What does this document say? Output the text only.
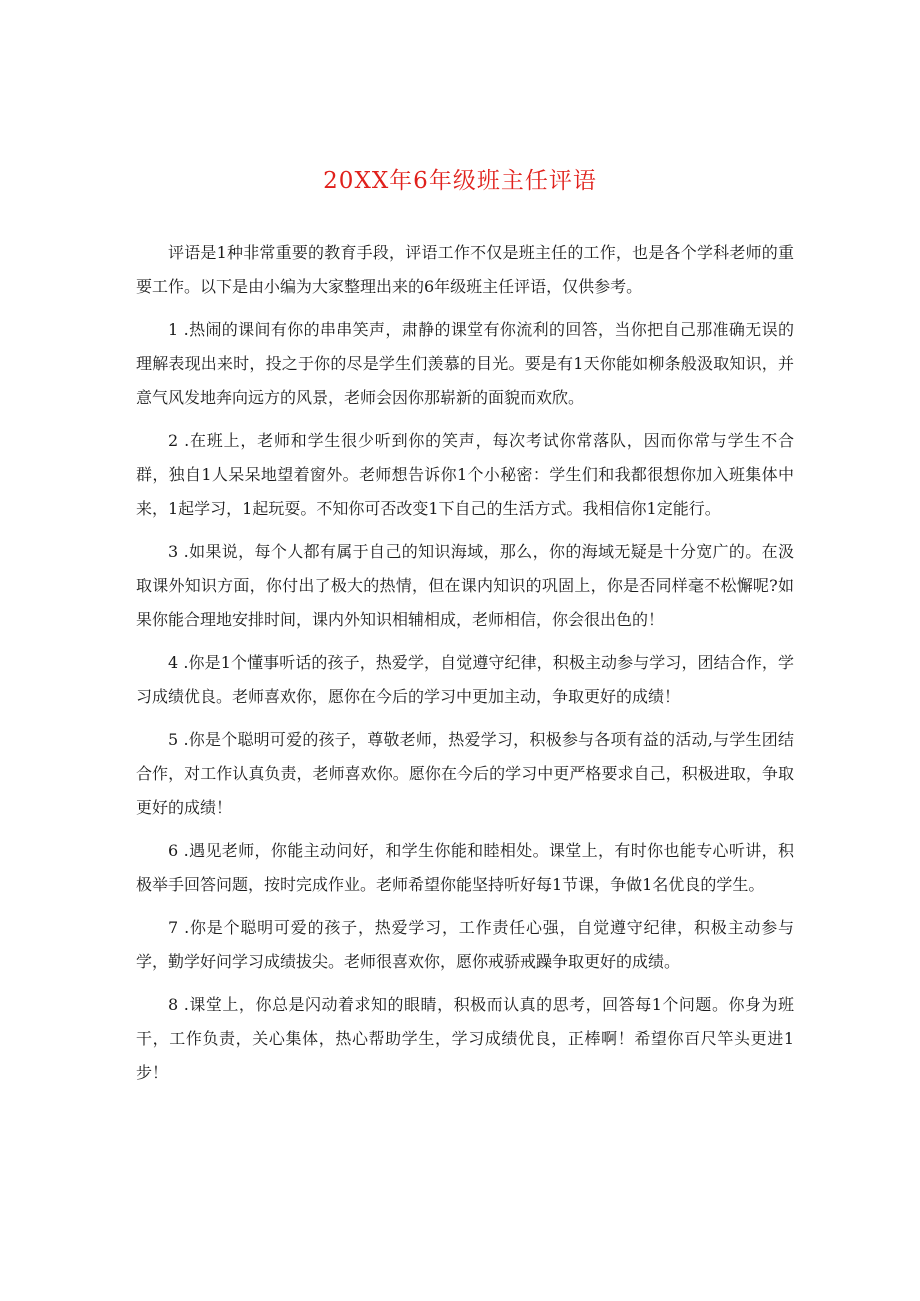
20XX年6年级班主任评语

评语是1种非常重要的教育手段，评语工作不仅是班主任的工作，也是各个学科老师的重要工作。以下是由小编为大家整理出来的6年级班主任评语，仅供参考。

1 .热闹的课间有你的串串笑声，肃静的课堂有你流利的回答，当你把自己那准确无误的理解表现出来时，投之于你的尽是学生们羡慕的目光。要是有1天你能如柳条般汲取知识，并意气风发地奔向远方的风景，老师会因你那崭新的面貌而欢欣。

2 .在班上，老师和学生很少听到你的笑声，每次考试你常落队，因而你常与学生不合群，独自1人呆呆地望着窗外。老师想告诉你1个小秘密：学生们和我都很想你加入班集体中来，1起学习，1起玩耍。不知你可否改变1下自己的生活方式。我相信你1定能行。

3 .如果说，每个人都有属于自己的知识海域，那么，你的海域无疑是十分宽广的。在汲取课外知识方面，你付出了极大的热情，但在课内知识的巩固上，你是否同样毫不松懈呢?如果你能合理地安排时间，课内外知识相辅相成，老师相信，你会很出色的！

4 .你是1个懂事听话的孩子，热爱学，自觉遵守纪律，积极主动参与学习，团结合作，学习成绩优良。老师喜欢你，愿你在今后的学习中更加主动，争取更好的成绩！

5 .你是个聪明可爱的孩子，尊敬老师，热爱学习，积极参与各项有益的活动,与学生团结合作，对工作认真负责，老师喜欢你。愿你在今后的学习中更严格要求自己，积极进取，争取更好的成绩！

6 .遇见老师，你能主动问好，和学生你能和睦相处。课堂上，有时你也能专心听讲，积极举手回答问题，按时完成作业。老师希望你能坚持听好每1节课，争做1名优良的学生。

7 .你是个聪明可爱的孩子，热爱学习，工作责任心强，自觉遵守纪律，积极主动参与学，勤学好问学习成绩拔尖。老师很喜欢你，愿你戒骄戒躁争取更好的成绩。

8 .课堂上，你总是闪动着求知的眼睛，积极而认真的思考，回答每1个问题。你身为班干，工作负责，关心集体，热心帮助学生，学习成绩优良，正棒啊！希望你百尺竿头更进1步！
